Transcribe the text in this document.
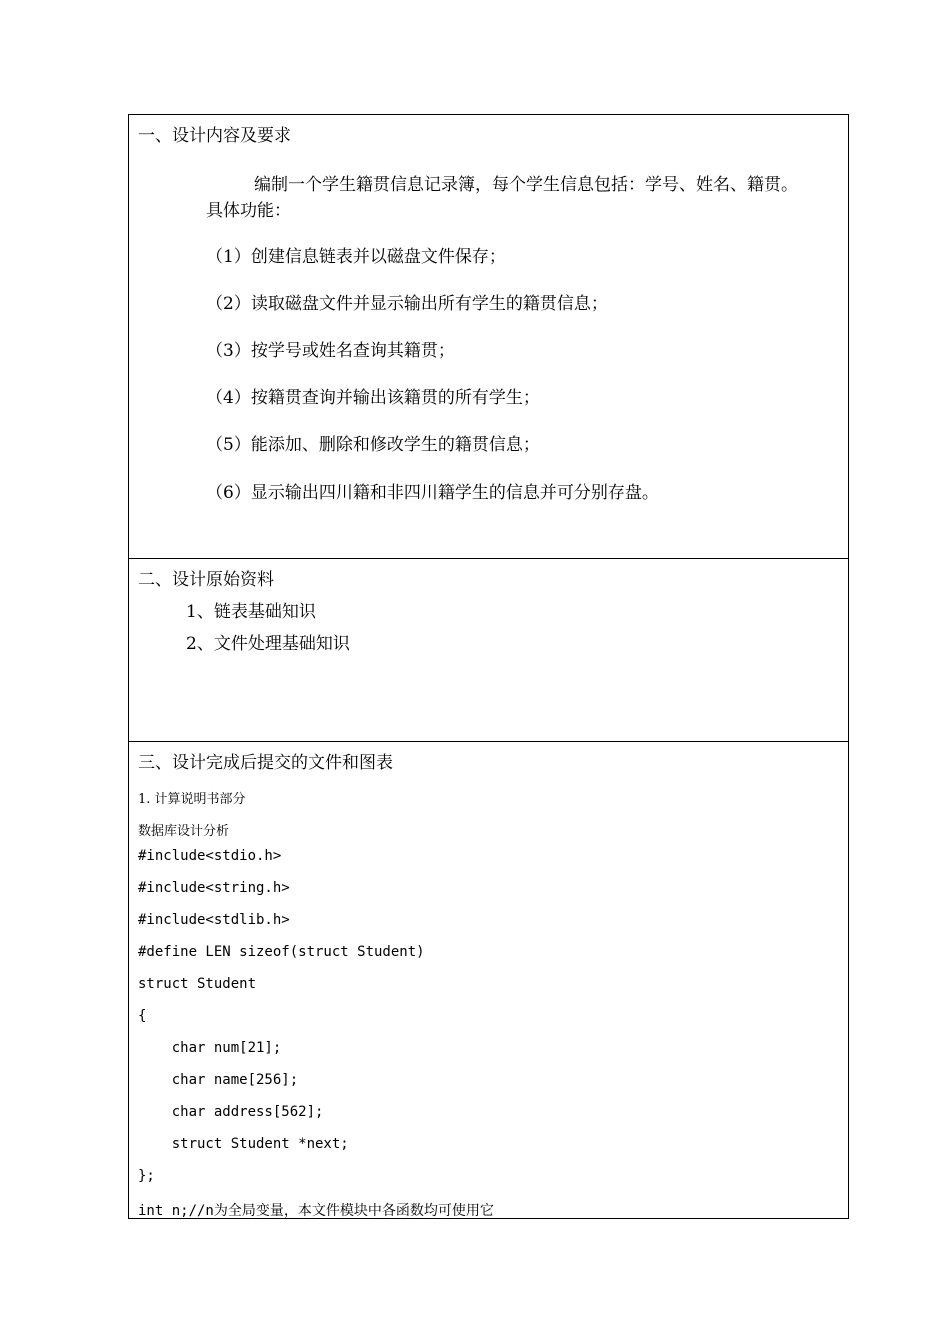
一、设计内容及要求
编制一个学生籍贯信息记录簿，每个学生信息包括：学号、姓名、籍贯。
具体功能：
（1）创建信息链表并以磁盘文件保存；
（2）读取磁盘文件并显示输出所有学生的籍贯信息；
（3）按学号或姓名查询其籍贯；
（4）按籍贯查询并输出该籍贯的所有学生；
（5）能添加、删除和修改学生的籍贯信息；
（6）显示输出四川籍和非四川籍学生的信息并可分别存盘。
二、设计原始资料
1、链表基础知识
2、文件处理基础知识
三、设计完成后提交的文件和图表
1. 计算说明书部分
数据库设计分析
#include<stdio.h>
#include<string.h>
#include<stdlib.h>
#define LEN sizeof(struct Student)
struct Student
{
char num[21];
char name[256];
char address[562];
struct Student *next;
};
int n;//n为全局变量，本文件模块中各函数均可使用它
